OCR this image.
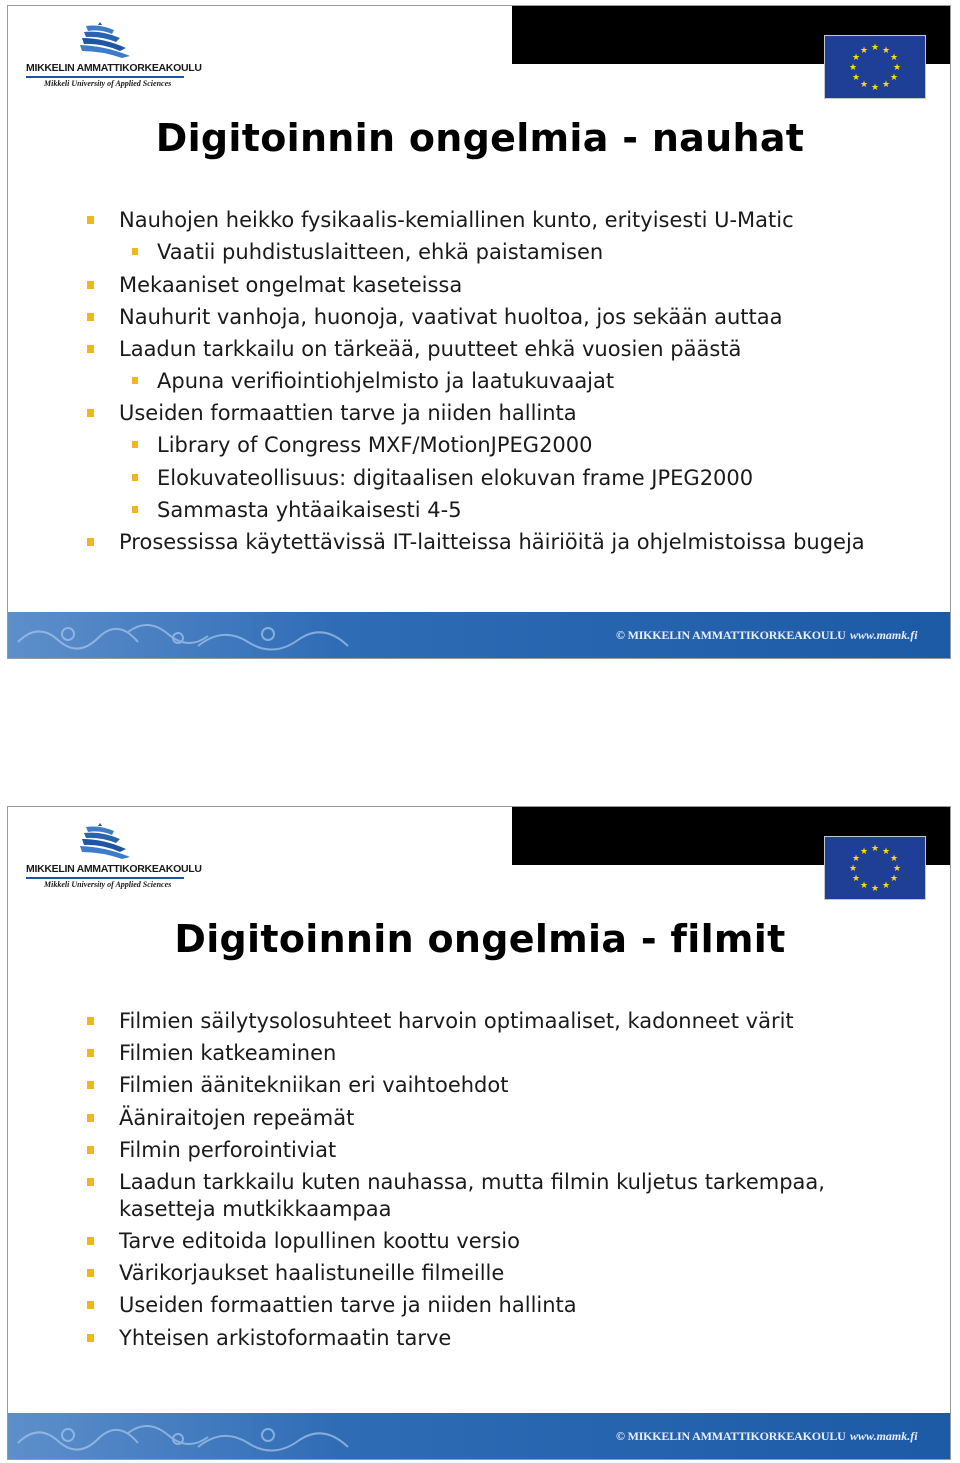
★ ★
★
★
★
★
★
★
★
★
★
★
MIKKELIN AMMATTIKORKEAKOULU
Mikkeli University of Applied Sciences
Digitoinnin ongelmia - nauhat
Nauhojen heikko fysikaalis-kemiallinen kunto, erityisesti U-Matic
Vaatii puhdistuslaitteen, ehkä paistamisen
Mekaaniset ongelmat kaseteissa
Nauhurit vanhoja, huonoja, vaativat huoltoa, jos sekään auttaa
Laadun tarkkailu on tärkeää, puutteet ehkä vuosien päästä
Apuna verifiointiohjelmisto ja laatukuvaajat
Useiden formaattien tarve ja niiden hallinta
Library of Congress MXF/MotionJPEG2000
Elokuvateollisuus: digitaalisen elokuvan frame JPEG2000
Sammasta yhtäaikaisesti 4-5
Prosessissa käytettävissä IT-laitteissa häiriöitä ja ohjelmistoissa bugeja
© MIKKELIN AMMATTIKORKEAKOULU www.mamk.fi
★ ★
★
★
★
★
★
★
★
★
★
★
MIKKELIN AMMATTIKORKEAKOULU
Mikkeli University of Applied Sciences
Digitoinnin ongelmia - filmit
Filmien säilytysolosuhteet harvoin optimaaliset, kadonneet värit
Filmien katkeaminen
Filmien äänitekniikan eri vaihtoehdot
Ääniraitojen repeämät
Filmin perforointiviat
Laadun tarkkailu kuten nauhassa, mutta filmin kuljetus tarkempaa, kasetteja mutkikkaampaa
Tarve editoida lopullinen koottu versio
Värikorjaukset haalistuneille filmeille
Useiden formaattien tarve ja niiden hallinta
Yhteisen arkistoformaatin tarve
© MIKKELIN AMMATTIKORKEAKOULU www.mamk.fi
